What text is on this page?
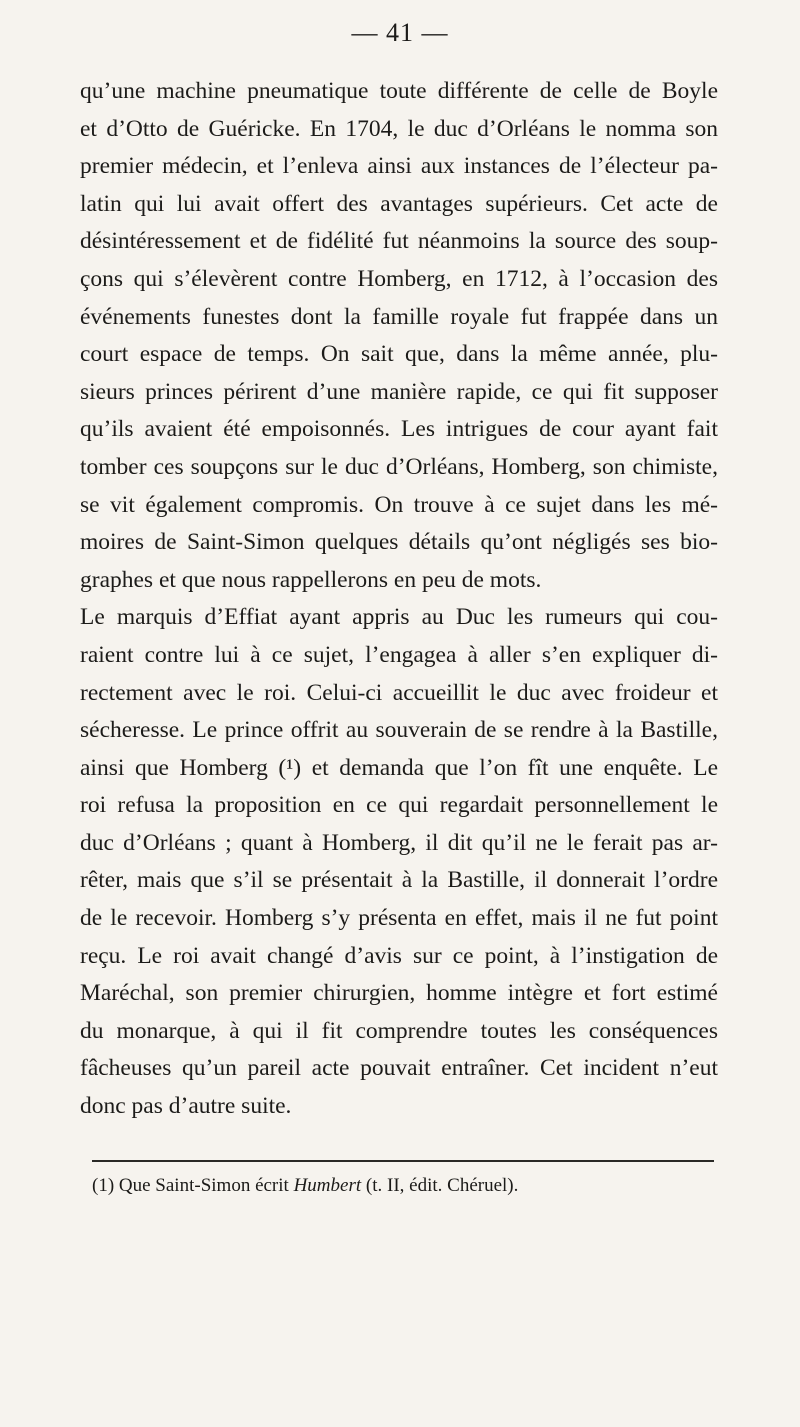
— 41 —
qu’une machine pneumatique toute différente de celle de Boyle
et d’Otto de Guéricke. En 1704, le duc d’Orléans le nomma son
premier médecin, et l’enleva ainsi aux instances de l’électeur pa-
latin qui lui avait offert des avantages supérieurs. Cet acte de
désintéressement et de fidélité fut néanmoins la source des soup-
çons qui s’élevèrent contre Homberg, en 1712, à l’occasion des
événements funestes dont la famille royale fut frappée dans un
court espace de temps. On sait que, dans la même année, plu-
sieurs princes périrent d’une manière rapide, ce qui fit supposer
qu’ils avaient été empoisonnés. Les intrigues de cour ayant fait
tomber ces soupçons sur le duc d’Orléans, Homberg, son chimiste,
se vit également compromis. On trouve à ce sujet dans les mé-
moires de Saint-Simon quelques détails qu’ont négligés ses bio-
graphes et que nous rappellerons en peu de mots.
Le marquis d’Effiat ayant appris au Duc les rumeurs qui cou-
raient contre lui à ce sujet, l’engagea à aller s’en expliquer di-
rectement avec le roi. Celui-ci accueillit le duc avec froideur et
sécheresse. Le prince offrit au souverain de se rendre à la Bastille,
ainsi que Homberg (¹) et demanda que l’on fît une enquête. Le
roi refusa la proposition en ce qui regardait personnellement le
duc d’Orléans ; quant à Homberg, il dit qu’il ne le ferait pas ar-
rêter, mais que s’il se présentait à la Bastille, il donnerait l’ordre
de le recevoir. Homberg s’y présenta en effet, mais il ne fut point
reçu. Le roi avait changé d’avis sur ce point, à l’instigation de
Maréchal, son premier chirurgien, homme intègre et fort estimé
du monarque, à qui il fit comprendre toutes les conséquences
fâcheuses qu’un pareil acte pouvait entraîner. Cet incident n’eut
donc pas d’autre suite.
(1) Que Saint-Simon écrit Humbert (t. II, édit. Chéruel).
